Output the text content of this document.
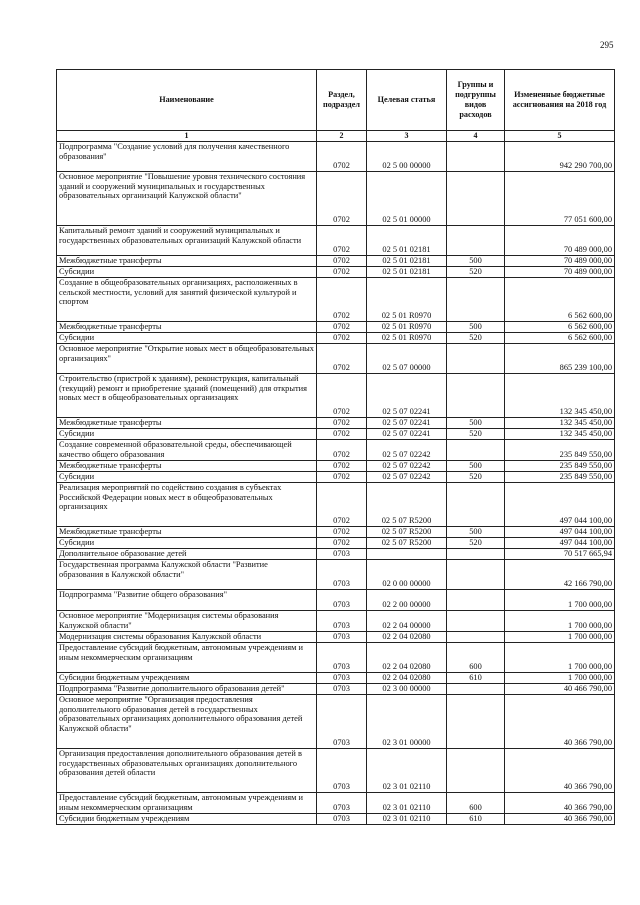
295
Наименование	Раздел, подраздел	Целевая статья	Группы и подгруппы видов расходов	Измененные бюджетные ассигнования на 2018 год
1	2	3	4	5
Подпрограмма "Создание условий для получения качественного образования"	0702	02 5 00 00000		942 290 700,00
Основное мероприятие "Повышение уровня технического состояния зданий и сооружений муниципальных и государственных образовательных организаций Калужской области"	0702	02 5 01 00000		77 051 600,00
Капитальный ремонт зданий и сооружений муниципальных и государственных образовательных организаций Калужской области	0702	02 5 01 02181		70 489 000,00
Межбюджетные трансферты	0702	02 5 01 02181	500	70 489 000,00
Субсидии	0702	02 5 01 02181	520	70 489 000,00
Создание в общеобразовательных организациях, расположенных в сельской местности, условий для занятий физической культурой и спортом	0702	02 5 01 R0970		6 562 600,00
Межбюджетные трансферты	0702	02 5 01 R0970	500	6 562 600,00
Субсидии	0702	02 5 01 R0970	520	6 562 600,00
Основное мероприятие "Открытие новых мест в общеобразовательных организациях"	0702	02 5 07 00000		865 239 100,00
Строительство (пристрой к зданиям), реконструкция, капитальный (текущий) ремонт и приобретение зданий (помещений) для открытия новых мест в общеобразовательных организациях	0702	02 5 07 02241		132 345 450,00
Межбюджетные трансферты	0702	02 5 07 02241	500	132 345 450,00
Субсидии	0702	02 5 07 02241	520	132 345 450,00
Создание современной образовательной среды, обеспечивающей качество общего образования	0702	02 5 07 02242		235 849 550,00
Межбюджетные трансферты	0702	02 5 07 02242	500	235 849 550,00
Субсидии	0702	02 5 07 02242	520	235 849 550,00
Реализация мероприятий по содействию создания в субъектах Российской Федерации новых мест в общеобразовательных организациях	0702	02 5 07 R5200		497 044 100,00
Межбюджетные трансферты	0702	02 5 07 R5200	500	497 044 100,00
Субсидии	0702	02 5 07 R5200	520	497 044 100,00
Дополнительное образование детей	0703			70 517 665,94
Государственная программа Калужской области "Развитие образования в Калужской области"	0703	02 0 00 00000		42 166 790,00
Подпрограмма "Развитие общего образования"	0703	02 2 00 00000		1 700 000,00
Основное мероприятие "Модернизация системы образования Калужской области"	0703	02 2 04 00000		1 700 000,00
Модернизация системы образования Калужской области	0703	02 2 04 02080		1 700 000,00
Предоставление субсидий бюджетным, автономным учреждениям и иным некоммерческим организациям	0703	02 2 04 02080	600	1 700 000,00
Субсидии бюджетным учреждениям	0703	02 2 04 02080	610	1 700 000,00
Подпрограмма "Развитие дополнительного образования детей"	0703	02 3 00 00000		40 466 790,00
Основное мероприятие "Организация предоставления дополнительного образования детей в государственных образовательных организациях дополнительного образования детей Калужской области"	0703	02 3 01 00000		40 366 790,00
Организация предоставления дополнительного образования детей в государственных образовательных организациях дополнительного образования детей области	0703	02 3 01 02110		40 366 790,00
Предоставление субсидий бюджетным, автономным учреждениям и иным некоммерческим организациям	0703	02 3 01 02110	600	40 366 790,00
Субсидии бюджетным учреждениям	0703	02 3 01 02110	610	40 366 790,00
